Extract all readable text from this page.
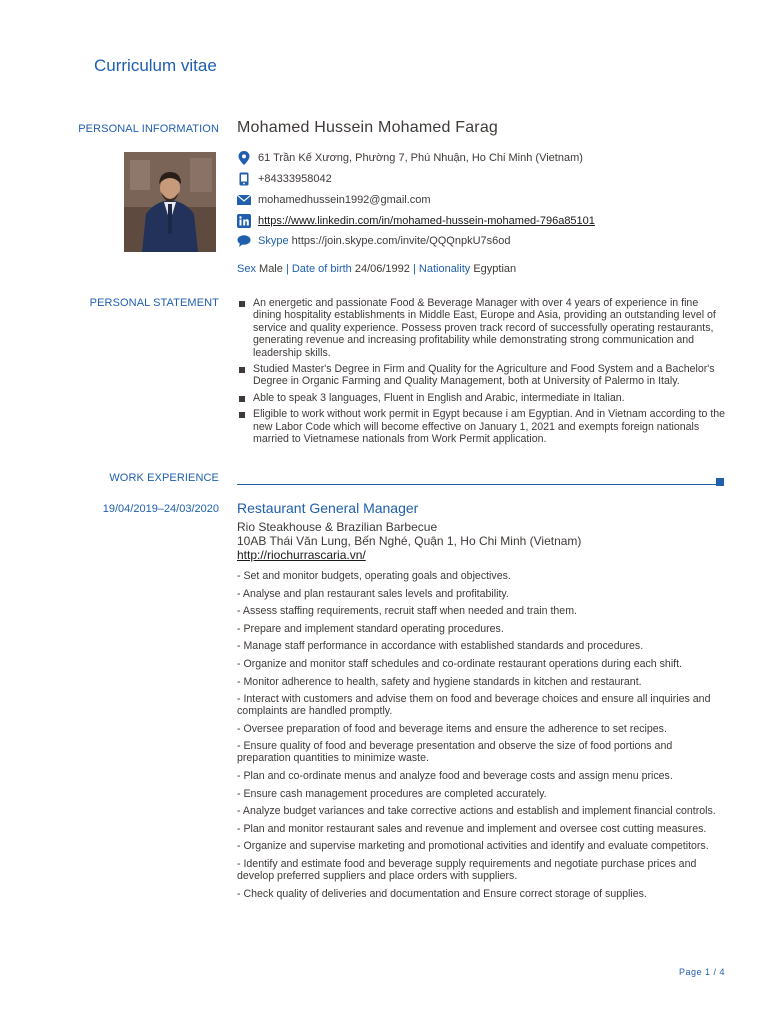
Curriculum vitae
PERSONAL INFORMATION Mohamed Hussein Mohamed Farag
61 Trần Kế Xương, Phường 7, Phú Nhuận, Ho Chi Minh (Vietnam)
+84333958042
mohamedhussein1992@gmail.com
https://www.linkedin.com/in/mohamed-hussein-mohamed-796a85101
Skype
https://join.skype.com/invite/QQQnpkU7s6od
Sex Male | Date of birth 24/06/1992 | Nationality Egyptian
PERSONAL STATEMENT	An energetic and passionate Food & Beverage Manager with over 4 years of experience in fine dining hospitality establishments in Middle East, Europe and Asia, providing an outstanding level of service and quality experience. Possess proven track record of successfully operating restaurants, generating revenue and increasing profitability while demonstrating strong communication and leadership skills.
Studied Master's Degree in Firm and Quality for the Agriculture and Food System and a Bachelor's Degree in Organic Farming and Quality Management, both at University of Palermo in Italy.
Able to speak 3 languages, Fluent in English and Arabic, intermediate in Italian.
Eligible to work without work permit in Egypt because i am Egyptian. And in Vietnam according to the new Labor Code which will become effective on January 1, 2021 and exempts foreign nationals married to Vietnamese nationals from Work Permit application.
WORK EXPERIENCE
19/04/2019–24/03/2020 Restaurant General Manager
Rio Steakhouse & Brazilian Barbecue
10AB Thái Văn Lung, Bến Nghé, Quận 1, Ho Chi Minh (Vietnam)
http://riochurrascaria.vn/
- Set and monitor budgets, operating goals and objectives.
- Analyse and plan restaurant sales levels and profitability.
- Assess staffing requirements, recruit staff when needed and train them.
- Prepare and implement standard operating procedures.
- Manage staff performance in accordance with established standards and procedures.
- Organize and monitor staff schedules and co-ordinate restaurant operations during each shift.
- Monitor adherence to health, safety and hygiene standards in kitchen and restaurant.
- Interact with customers and advise them on food and beverage choices and ensure all inquiries and complaints are handled promptly.
- Oversee preparation of food and beverage items and ensure the adherence to set recipes.
- Ensure quality of food and beverage presentation and observe the size of food portions and preparation quantities to minimize waste.
- Plan and co-ordinate menus and analyze food and beverage costs and assign menu prices.
- Ensure cash management procedures are completed accurately.
- Analyze budget variances and take corrective actions and establish and implement financial controls.
- Plan and monitor restaurant sales and revenue and implement and oversee cost cutting measures.
- Organize and supervise marketing and promotional activities and identify and evaluate competitors.
- Identify and estimate food and beverage supply requirements and negotiate purchase prices and develop preferred suppliers and place orders with suppliers.
- Check quality of deliveries and documentation and Ensure correct storage of supplies.
Page 1 / 4
